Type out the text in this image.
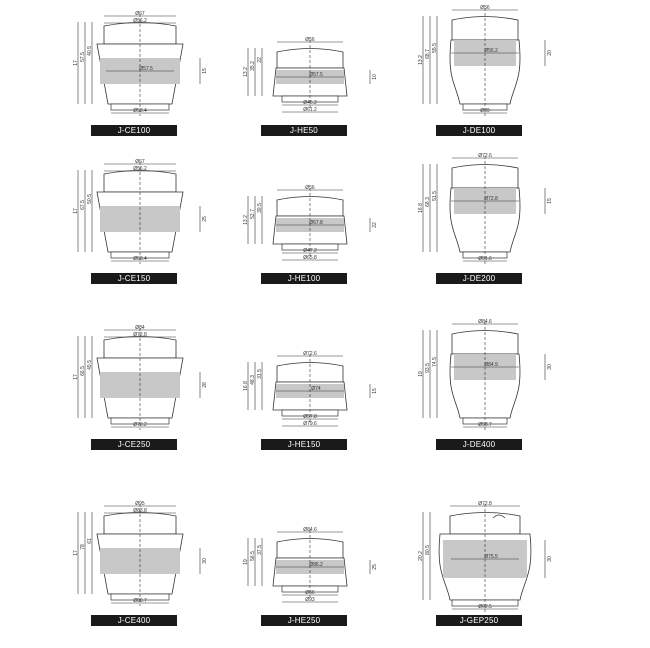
Ø67
Ø56.2
Ø53.4
Ø57.5
17
57.5
40.5
15
J-CE100
Ø56
Ø45.2
Ø61.2
Ø57.5
13.2
35.2
22
10
J-HE50
Ø56
Ø39
Ø56.2
13.2
68.7
55.5
20
J-DE100
Ø67
Ø56.2
Ø53.4
17
67.5
50.5
25
J-CE150
Ø56
Ø47.2
Ø65.8
Ø67.8
13.2
52.7
39.5
22
J-HE100
Ø72.6
Ø51.6
Ø72.8
16.8
68.3
51.5
15
J-DE200
Ø84
Ø72.8
Ø70.2
17
66.5
49.5
28
J-CE250
Ø72.6
Ø57.8
Ø79.6
Ø74
16.8
48.3
31.5
15
J-HE150
Ø84.6
Ø58.7
Ø84.9
19
93.5
74.5
30
J-DE400
Ø95
Ø83.8
Ø80.7
17
78
61
30
J-CE400
Ø84.6
Ø66
Ø93
Ø86.2
19
56.5
37.5
25
J-HE250
Ø72.8
Ø62.5
Ø75.5
20.2
80.5
30
J-GEP250
